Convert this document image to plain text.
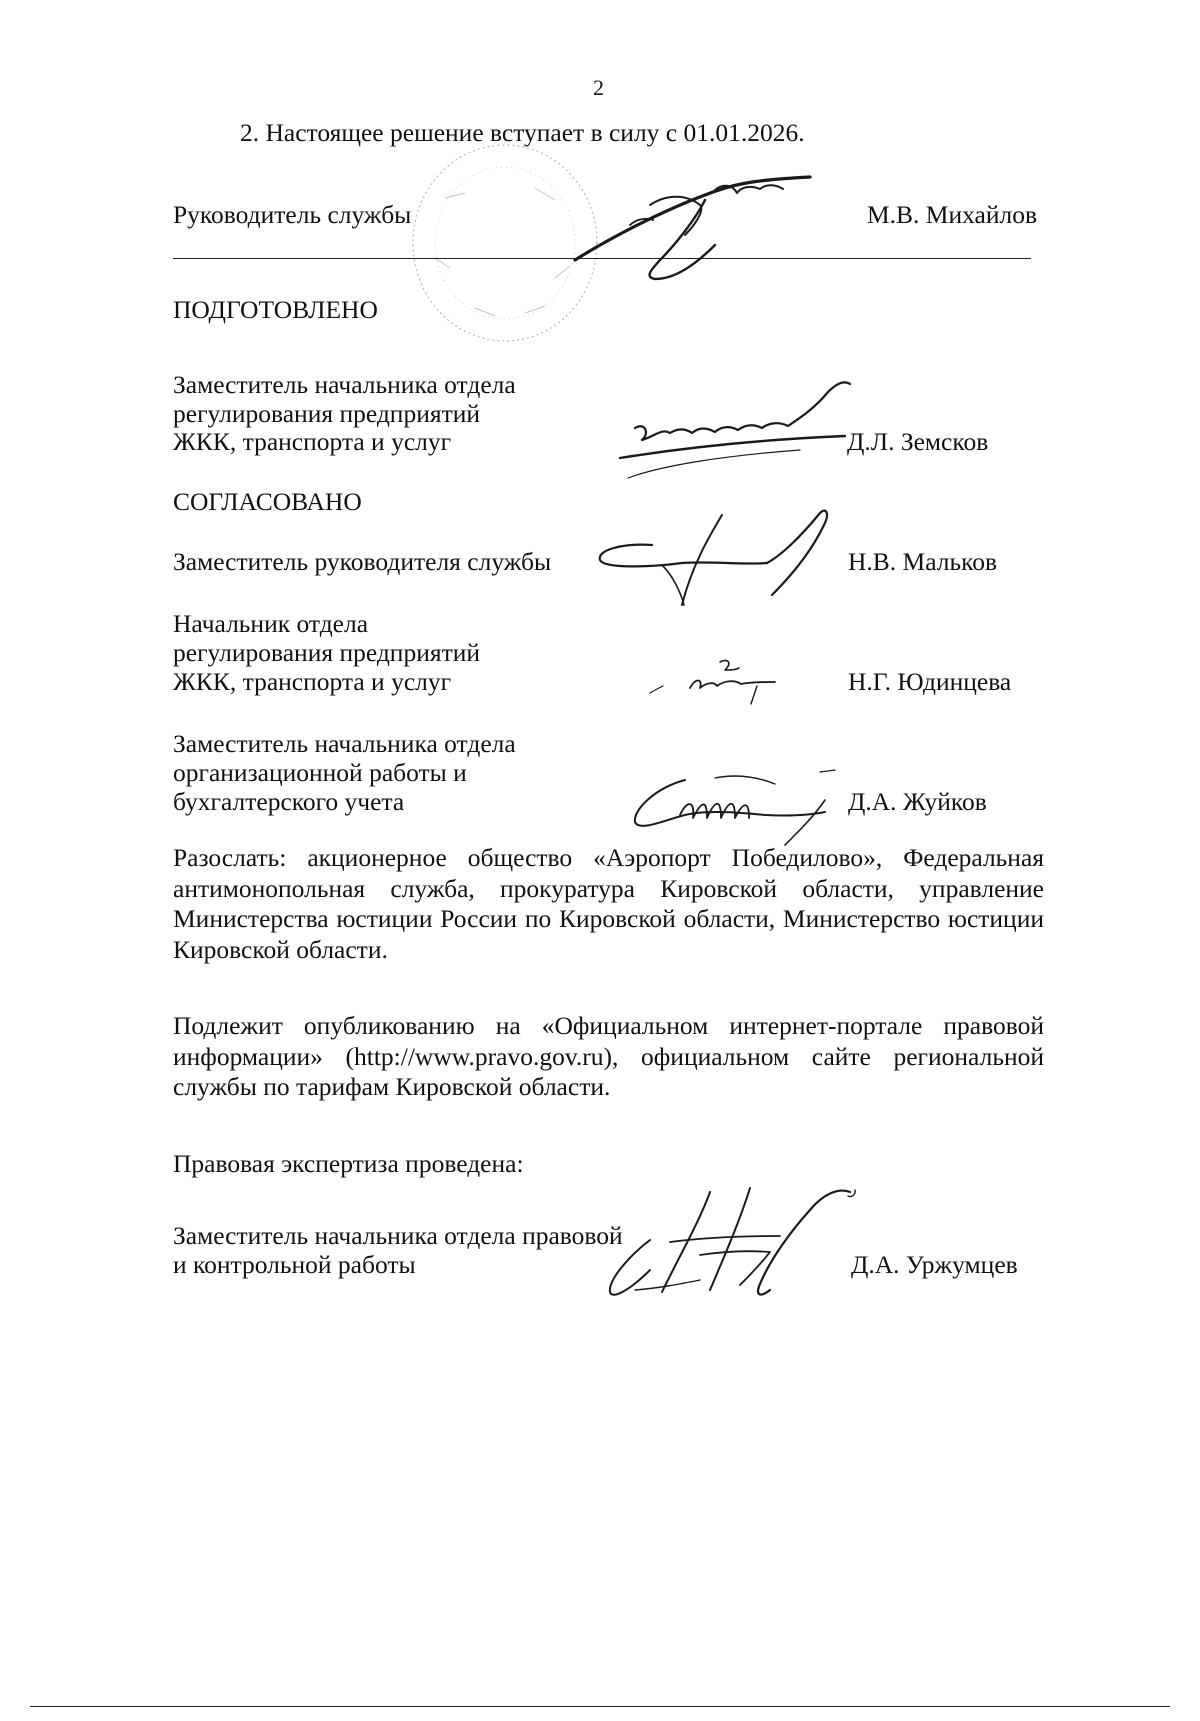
2

2. Настоящее решение вступает в силу с 01.01.2026.

Руководитель службы	М.В. Михайлов

ПОДГОТОВЛЕНО

Заместитель начальника отдела

регулирования предприятий

ЖКК, транспорта и услуг	Д.Л. Земсков

СОГЛАСОВАНО

Заместитель руководителя службы	Н.В. Мальков

Начальник отдела

регулирования предприятий

ЖКК, транспорта и услуг	Н.Г. Юдинцева

Заместитель начальника отдела

организационной работы и

бухгалтерского учета	Д.А. Жуйков

Разослать: акционерное общество «Аэропорт Победилово», Федеральная антимонопольная служба, прокуратура Кировской области, управление Министерства юстиции России по Кировской области, Министерство юстиции Кировской области.

Подлежит опубликованию на «Официальном интернет-портале правовой информации» (http://www.pravo.gov.ru), официальном сайте региональной службы по тарифам Кировской области.

Правовая экспертиза проведена:

Заместитель начальника отдела правовой

и контрольной работы	Д.А. Уржумцев
